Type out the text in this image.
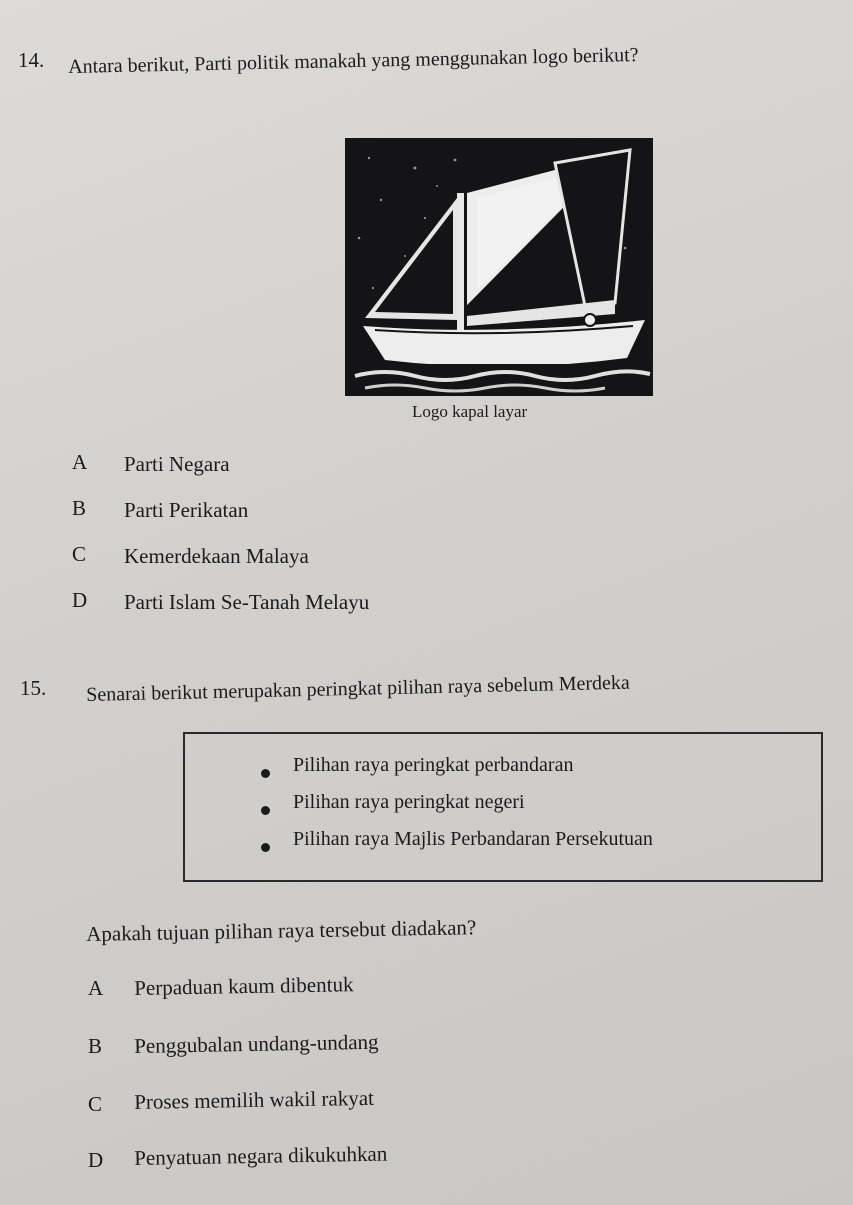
14. Antara berikut, Parti politik manakah yang menggunakan logo berikut?
Logo kapal layar
A Parti Negara
B Parti Perikatan
C Kemerdekaan Malaya
D Parti Islam Se-Tanah Melayu
15. Senarai berikut merupakan peringkat pilihan raya sebelum Merdeka
Pilihan raya peringkat perbandaran
Pilihan raya peringkat negeri
Pilihan raya Majlis Perbandaran Persekutuan
Apakah tujuan pilihan raya tersebut diadakan?
A Perpaduan kaum dibentuk
B Penggubalan undang-undang
C Proses memilih wakil rakyat
D Penyatuan negara dikukuhkan
